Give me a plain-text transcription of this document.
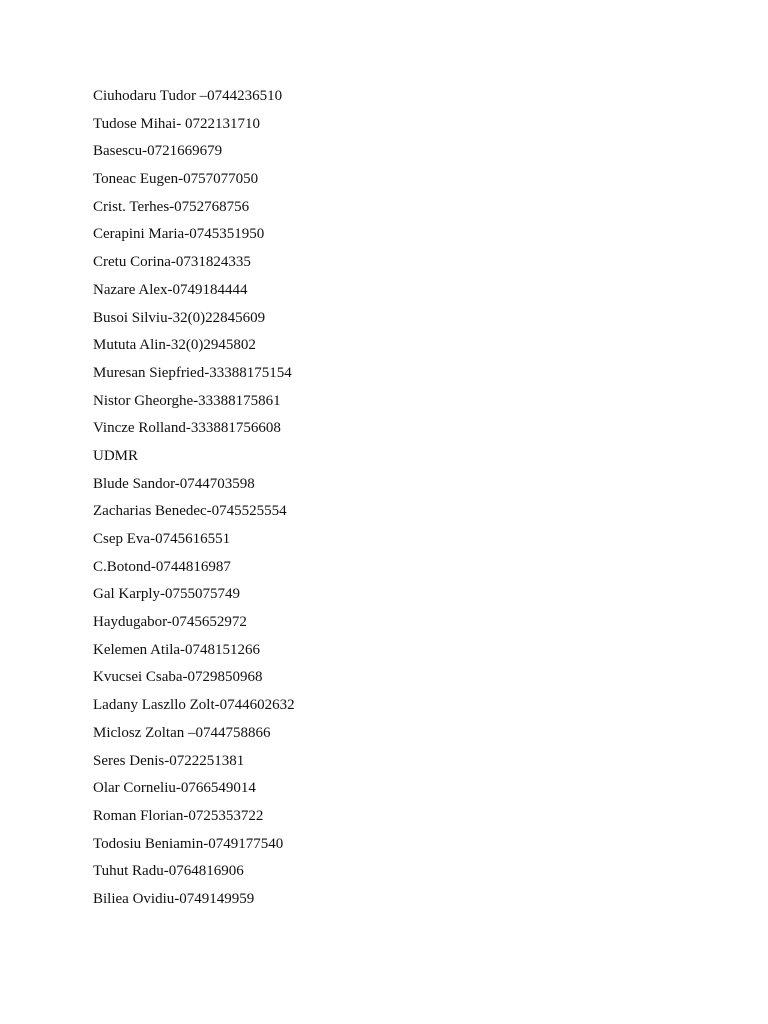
Ciuhodaru Tudor –0744236510
Tudose Mihai- 0722131710
Basescu-0721669679
Toneac Eugen-0757077050
Crist. Terhes-0752768756
Cerapini Maria-0745351950
Cretu Corina-0731824335
Nazare Alex-0749184444
Busoi Silviu-32(0)22845609
Mututa Alin-32(0)2945802
Muresan Siepfried-33388175154
Nistor Gheorghe-33388175861
Vincze Rolland-333881756608
UDMR
Blude Sandor-0744703598
Zacharias Benedec-0745525554
Csep Eva-0745616551
C.Botond-0744816987
Gal Karply-0755075749
Haydugabor-0745652972
Kelemen Atila-0748151266
Kvucsei Csaba-0729850968
Ladany Laszllo Zolt-0744602632
Miclosz Zoltan –0744758866
Seres Denis-0722251381
Olar Corneliu-0766549014
Roman Florian-0725353722
Todosiu Beniamin-0749177540
Tuhut Radu-0764816906
Biliea Ovidiu-0749149959
